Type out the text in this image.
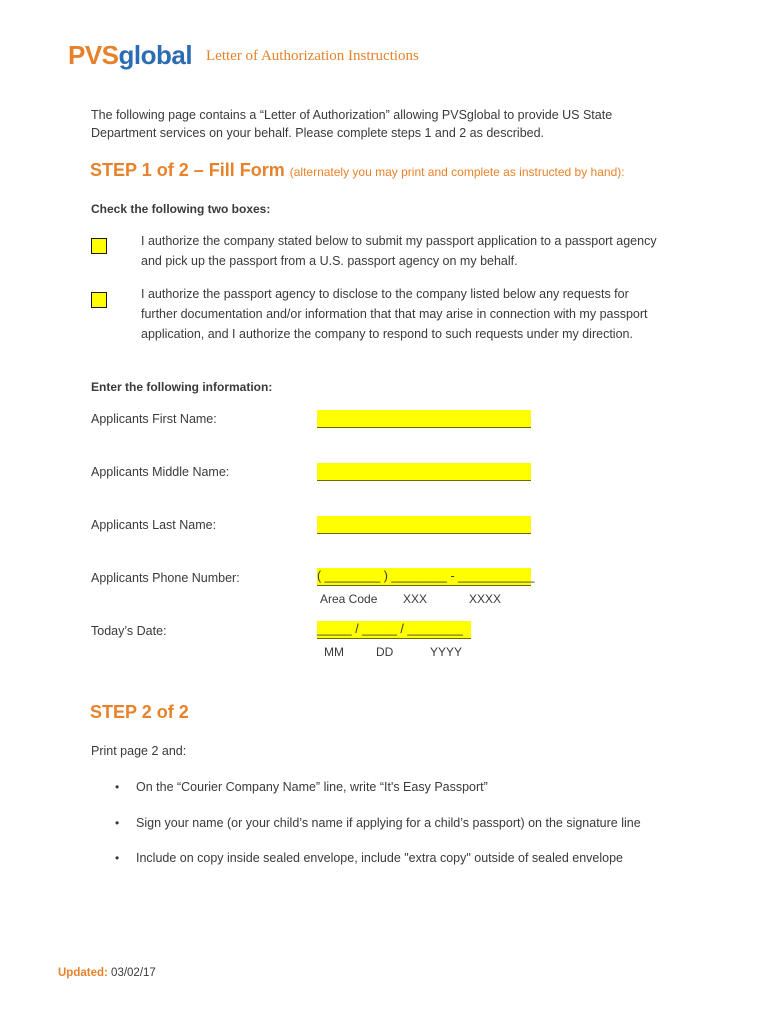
PVSglobal Letter of Authorization Instructions
The following page contains a “Letter of Authorization” allowing PVSglobal to provide US State
Department services on your behalf. Please complete steps 1 and 2 as described.
STEP 1 of 2 – Fill Form (alternately you may print and complete as instructed by hand):
Check the following two boxes:
I authorize the company stated below to submit my passport application to a passport agency
and pick up the passport from a U.S. passport agency on my behalf.
I authorize the passport agency to disclose to the company listed below any requests for
further documentation and/or information that that may arise in connection with my passport
application, and I authorize the company to respond to such requests under my direction.
Enter the following information:
Applicants First Name:
Applicants Middle Name:
Applicants Last Name:
Applicants Phone Number:	( ________ ) ________ - ___________
Area Code XXX	XXXX
Today’s Date:	_____ / _____ / ________
MM	DD	YYYY
STEP 2 of 2
Print page 2 and:
• On the “Courier Company Name” line, write “It's Easy Passport”
• Sign your name (or your child’s name if applying for a child’s passport) on the signature line
• Include on copy inside sealed envelope, include "extra copy" outside of sealed envelope
Updated: 03/02/17
